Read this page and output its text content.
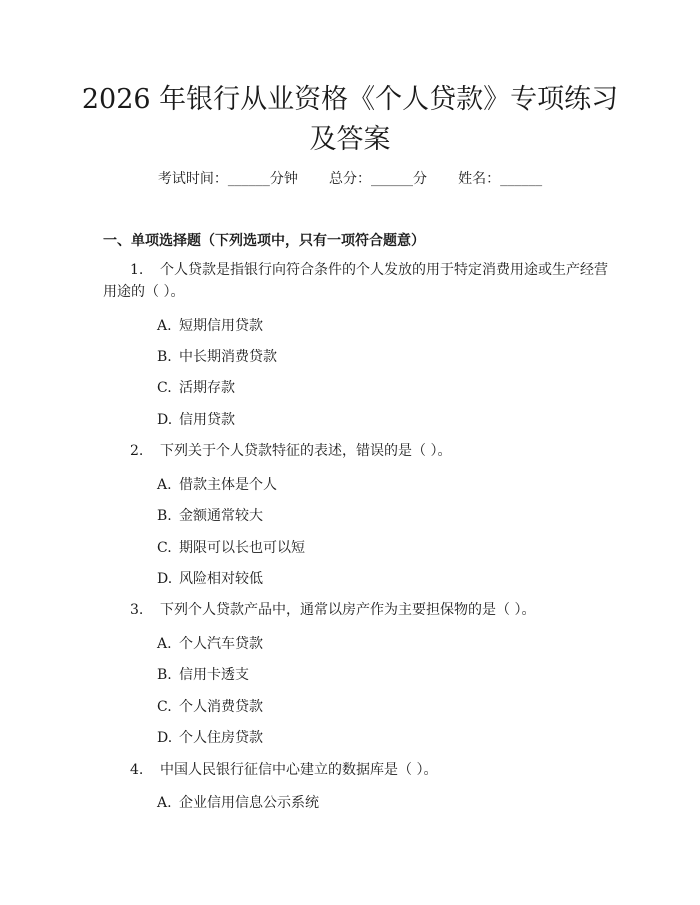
2026 年银行从业资格《个人贷款》专项练习
及答案
考试时间：______分钟 总分：______分 姓名：______
一、单项选择题（下列选项中，只有一项符合题意）
1.	个人贷款是指银行向符合条件的个人发放的用于特定消费用途或生产经营
用途的（ ）。
A. 短期信用贷款
B. 中长期消费贷款
C. 活期存款
D. 信用贷款
2.	下列关于个人贷款特征的表述，错误的是（ ）。
A. 借款主体是个人
B. 金额通常较大
C. 期限可以长也可以短
D. 风险相对较低
3.	下列个人贷款产品中，通常以房产作为主要担保物的是（ ）。
A. 个人汽车贷款
B. 信用卡透支
C. 个人消费贷款
D. 个人住房贷款
4.	中国人民银行征信中心建立的数据库是（ ）。
A. 企业信用信息公示系统
